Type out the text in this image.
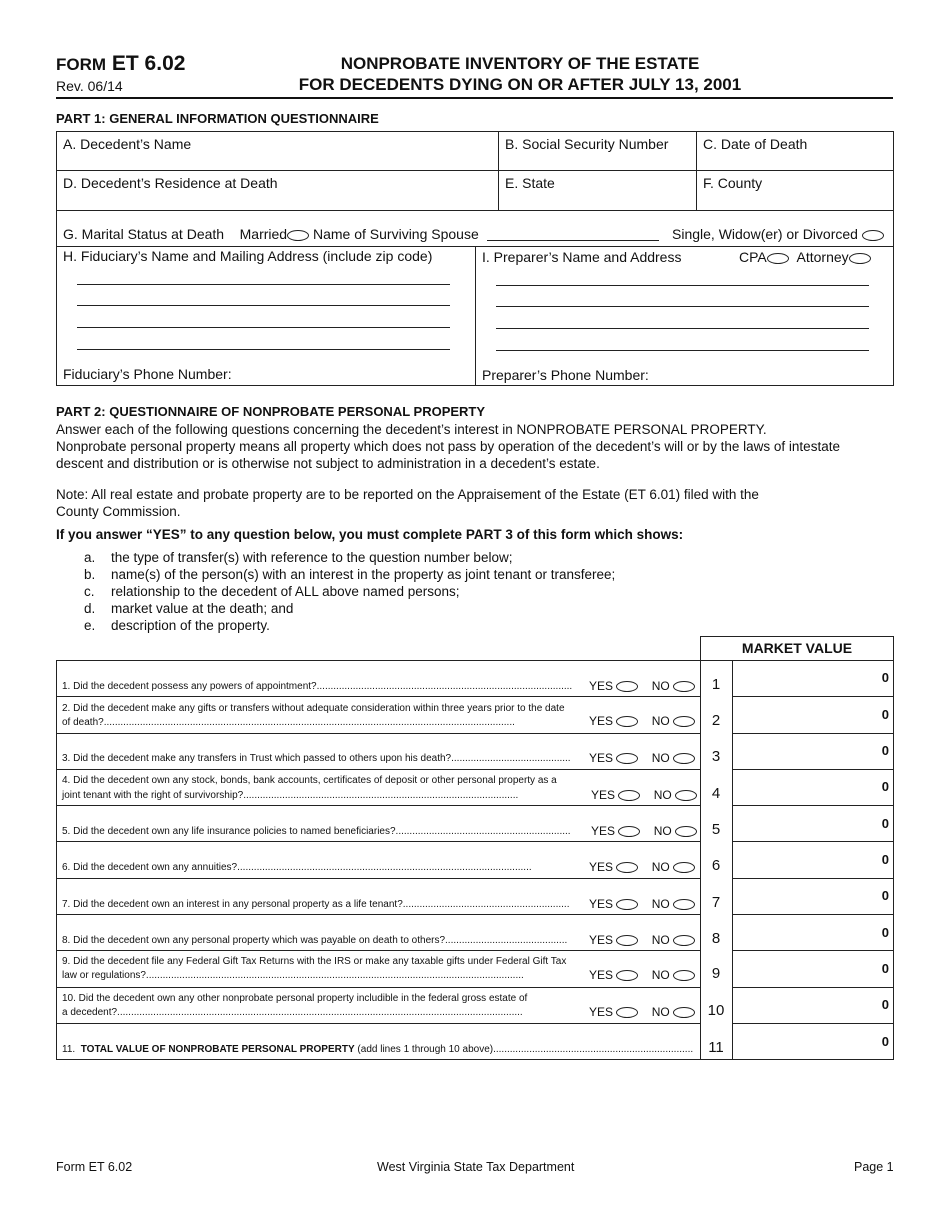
FORM ET 6.02
Rev. 06/14
NONPROBATE INVENTORY OF THE ESTATE
FOR DECEDENTS DYING ON OR AFTER JULY 13, 2001
PART 1: GENERAL INFORMATION QUESTIONNAIRE
A. Decedent’s Name	B. Social Security Number C. Date of Death
D. Decedent’s Residence at Death	E. State	F. County
G. Marital Status at Death Married Name of Surviving Spouse	Single, Widow(er) or Divorced
H. Fiduciary’s Name and Mailing Address (include zip code)
Fiduciary’s Phone Number:
I. Preparer’s Name and Address	CPA Attorney
Preparer’s Phone Number:
PART 2: QUESTIONNAIRE OF NONPROBATE PERSONAL PROPERTY
Answer each of the following questions concerning the decedent’s interest in NONPROBATE PERSONAL PROPERTY.
Nonprobate personal property means all property which does not pass by operation of the decedent’s will or by the laws of intestate
descent and distribution or is otherwise not subject to administration in a decedent’s estate.
Note: All real estate and probate property are to be reported on the Appraisement of the Estate (ET 6.01) filed with the
County Commission.
If you answer “YES” to any question below, you must complete PART 3 of this form which shows:
a. the type of transfer(s) with reference to the question number below;
b. name(s) of the person(s) with an interest in the property as joint tenant or transferee;
c. relationship to the decedent of ALL above named persons;
d. market value at the death; and
e. description of the property.
MARKET VALUE
1. Did the decedent possess any powers of appointment?............................................................................................ YES	NO	1	0
2. Did the decedent make any gifts or transfers without adequate consideration within three years prior to the date
of death?....................................................................................................................................................	YES	NO	2	0
3. Did the decedent make any transfers in Trust which passed to others upon his death?........................................... YES	NO	3	0
4. Did the decedent own any stock, bonds, bank accounts, certificates of deposit or other personal property as a
joint tenant with the right of survivorship?...................................................................................................	YES	NO	4	0
5. Did the decedent own any life insurance policies to named beneficiaries?............................................................... YES	NO	5	0
6. Did the decedent own any annuities?..........................................................................................................	YES	NO	6	0
7. Did the decedent own an interest in any personal property as a life tenant?............................................................ YES	NO	7	0
8. Did the decedent own any personal property which was payable on death to others?............................................ YES	NO	8	0
9. Did the decedent file any Federal Gift Tax Returns with the IRS or make any taxable gifts under Federal Gift Tax
law or regulations?........................................................................................................................................	YES	NO	9	0
10. Did the decedent own any other nonprobate personal property includible in the federal gross estate of
a decedent?..................................................................................................................................................	YES	NO	10	0
11. TOTAL VALUE OF NONPROBATE PERSONAL PROPERTY (add lines 1 through 10 above)........................................................................	11	0
Form ET 6.02	West Virginia State Tax Department	Page 1
